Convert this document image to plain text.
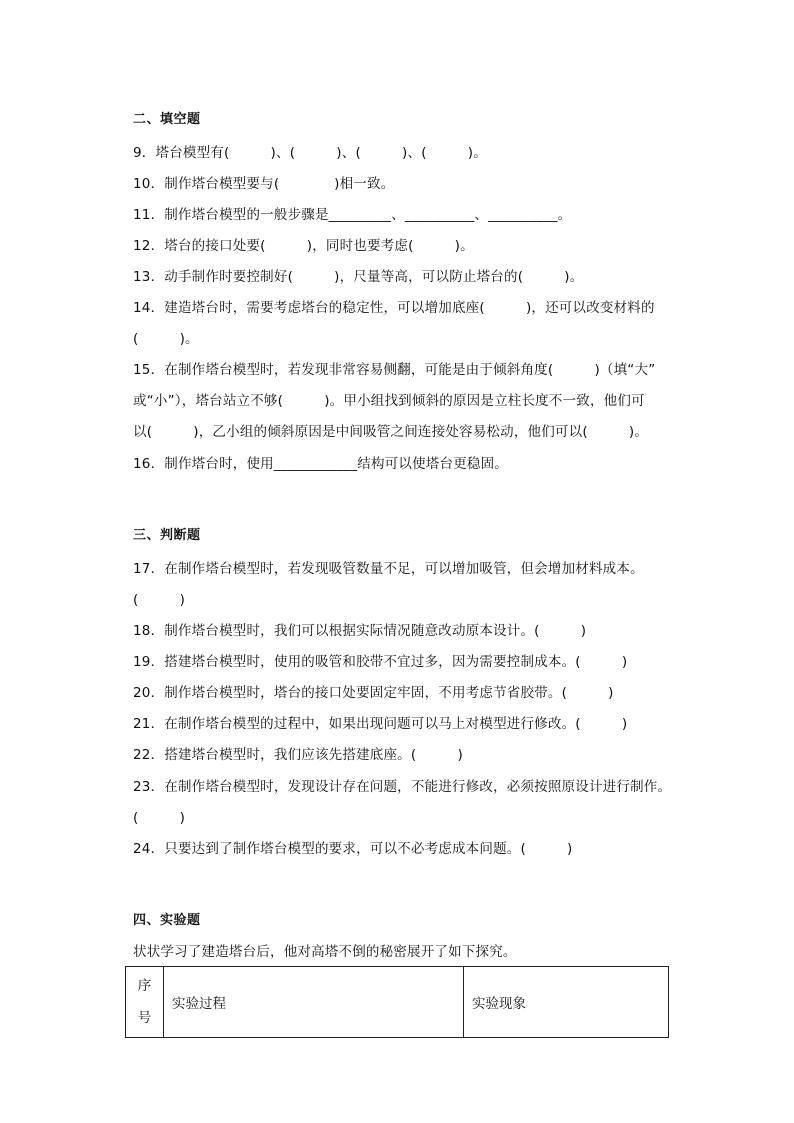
二、填空题
9．塔台模型有(　　　)、(　　　)、(　　　)、(　　　)。
10．制作塔台模型要与(　　　　)相一致。
11．制作塔台模型的一般步骤是_________、__________、__________。
12．塔台的接口处要(　　　)，同时也要考虑(　　　)。
13．动手制作时要控制好(　　　)，尺量等高，可以防止塔台的(　　　)。
14．建造塔台时，需要考虑塔台的稳定性，可以增加底座(　　　)，还可以改变材料的
(　　　)。
15．在制作塔台模型时，若发现非常容易侧翻，可能是由于倾斜角度(　　　)（填“大”
或“小”），塔台站立不够(　　　)。甲小组找到倾斜的原因是立柱长度不一致，他们可
以(　　　)，乙小组的倾斜原因是中间吸管之间连接处容易松动，他们可以(　　　)。
16．制作塔台时，使用____________结构可以使塔台更稳固。
三、判断题
17．在制作塔台模型时，若发现吸管数量不足，可以增加吸管，但会增加材料成本。
(　　　)
18．制作塔台模型时，我们可以根据实际情况随意改动原本设计。(　　　)
19．搭建塔台模型时，使用的吸管和胶带不宜过多，因为需要控制成本。(　　　)
20．制作塔台模型时，塔台的接口处要固定牢固，不用考虑节省胶带。(　　　)
21．在制作塔台模型的过程中，如果出现问题可以马上对模型进行修改。(　　　)
22．搭建塔台模型时，我们应该先搭建底座。(　　　)
23．在制作塔台模型时，发现设计存在问题，不能进行修改，必须按照原设计进行制作。
(　　　)
24．只要达到了制作塔台模型的要求，可以不必考虑成本问题。(　　　)
四、实验题
状状学习了建造塔台后，他对高塔不倒的秘密展开了如下探究。
序
号
实验过程	实验现象
